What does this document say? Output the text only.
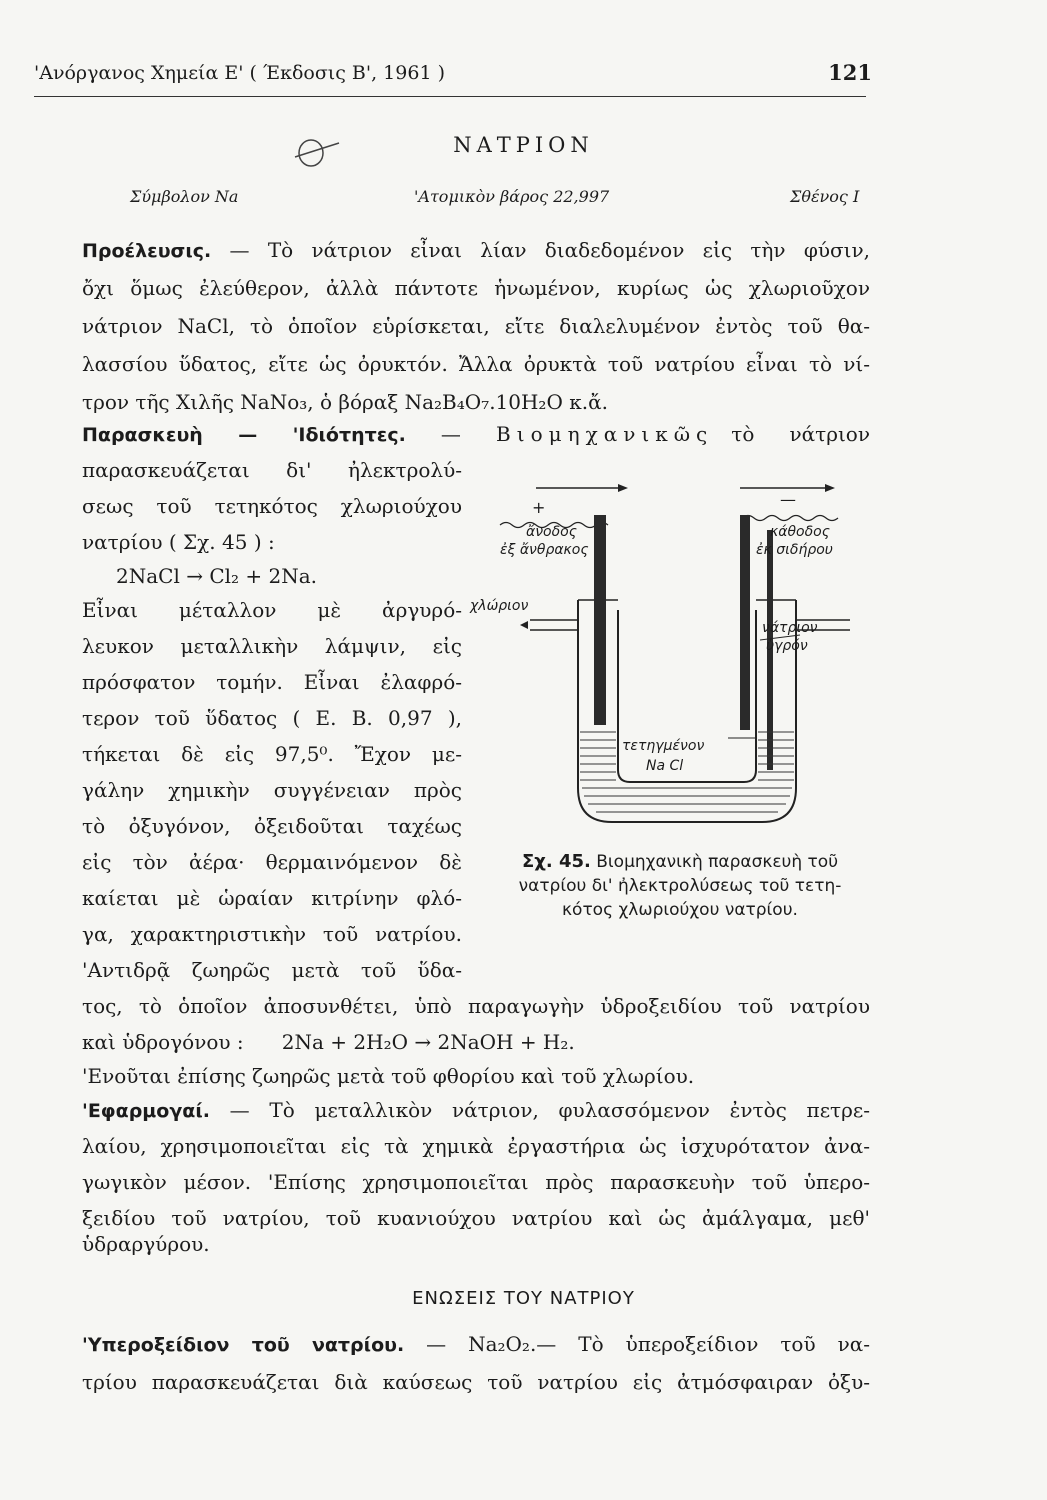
'Ανόργανος Χημεία Ε' ( Έκδοσις Β', 1961 )	121
ΝΑΤΡΙΟΝ
Σύμβολον Na	'Ατομικὸν βάρος 22,997	Σθένος Ι

Προέλευσις. — Τὸ νάτριον εἶναι λίαν διαδεδομένον εἰς τὴν φύσιν,

ὄχι ὅμως ἐλεύθερον, ἀλλὰ πάντοτε ἡνωμένον, κυρίως ὡς χλωριοῦχον

νάτριον NaCl, τὸ ὁποῖον εὑρίσκεται, εἴτε διαλελυμένον ἐντὸς τοῦ θα-

λασσίου ὕδατος, εἴτε ὡς ὀρυκτόν. Ἄλλα ὀρυκτὰ τοῦ νατρίου εἶναι τὸ νί-

τρον τῆς Χιλῆς NaNo₃, ὁ βόραξ Na₂B₄O₇.10H₂O κ.ἄ.

Παρασκευὴ — 'Ιδιότητες. — Βιομηχανικῶς τὸ νάτριον

παρασκευάζεται δι' ἠλεκτρολύ-

σεως τοῦ τετηκότος χλωριούχου

νατρίου ( Σχ. 45 ) :

2NaCl → Cl₂ + 2Na.

Εἶναι μέταλλον μὲ ἀργυρό-

λευκον μεταλλικὴν λάμψιν, εἰς

πρόσφατον τομήν. Εἶναι ἐλαφρό-

τερον τοῦ ὕδατος ( Ε. Β. 0,97 ),

τήκεται δὲ εἰς 97,5⁰. Ἔχον με-

γάλην χημικὴν συγγένειαν πρὸς

τὸ ὀξυγόνον, ὀξειδοῦται ταχέως

εἰς τὸν ἀέρα· θερμαινόμενον δὲ

καίεται μὲ ὡραίαν κιτρίνην φλό-

γα, χαρακτηριστικὴν τοῦ νατρίου.

'Αντιδρᾷ ζωηρῶς μετὰ τοῦ ὕδα-

τος, τὸ ὁποῖον ἀποσυνθέτει, ὑπὸ παραγωγὴν ὑδροξειδίου τοῦ νατρίου

καὶ ὑδρογόνου :      2Na + 2H₂O → 2NaOH + H₂.

'Ενοῦται ἐπίσης ζωηρῶς μετὰ τοῦ φθορίου καὶ τοῦ χλωρίου.

+	—
ἄνοδος
ἐξ ἄνθρακος
κάθοδος
ἐκ σιδήρου
χλώριον
νάτριον
ὑγρόν
τετηγμένον
Na Cl
Σχ. 45. Βιομηχανικὴ παρασκευὴ τοῦ
νατρίου δι' ἠλεκτρολύσεως τοῦ τετη-
κότος χλωριούχου νατρίου.

'Εφαρμογαί. — Τὸ μεταλλικὸν νάτριον, φυλασσόμενον ἐντὸς πετρε-

λαίου, χρησιμοποιεῖται εἰς τὰ χημικὰ ἐργαστήρια ὡς ἰσχυρότατον ἀνα-

γωγικὸν μέσον. 'Επίσης χρησιμοποιεῖται πρὸς παρασκευὴν τοῦ ὑπερο-

ξειδίου τοῦ νατρίου, τοῦ κυανιούχου νατρίου καὶ ὡς ἀμάλγαμα, μεθ'

ὑδραργύρου.

ΕΝΩΣΕΙΣ ΤΟΥ ΝΑΤΡΙΟΥ

'Υπεροξείδιον τοῦ νατρίου. — Na₂O₂.— Τὸ ὑπεροξείδιον τοῦ να-

τρίου παρασκευάζεται διὰ καύσεως τοῦ νατρίου εἰς ἀτμόσφαιραν ὀξυ-
